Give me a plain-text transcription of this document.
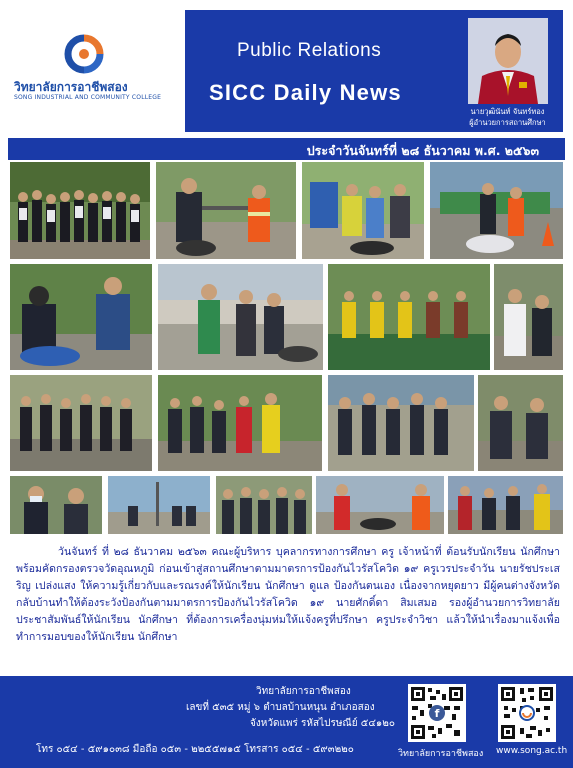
วิทยาลัยการอาชีพสอง
SONG INDUSTRIAL AND COMMUNITY COLLEGE
Public Relations
SICC Daily News
นายวุฒินันท์ จันทร์ทอง
ผู้อำนวยการสถานศึกษา
ประจำวันจันทร์ที่ ๒๘ ธันวาคม พ.ศ. ๒๕๖๓

วันจันทร์ ที่ ๒๘ ธันวาคม ๒๕๖๓ คณะผู้บริหาร บุคลากรทางการศึกษา ครู เจ้าหน้าที่ ต้อนรับนักเรียน นักศึกษา พร้อมคัดกรองตรวจวัดอุณหภูมิ ก่อนเข้าสู่สถานศึกษาตามมาตรการป้องกันไวรัสโควิด ๑๙ ครูเวรประจำวัน นายรัชประเสริญ เปล่งแสง ให้ความรู้เกี่ยวกับและรณรงค์ให้นักเรียน นักศึกษา ดูแล ป้องกันตนเอง เนื่องจากหยุดยาว มีผู้คนต่างจังหวัดกลับบ้านทำให้ต้องระวังป้องกันตามมาตรการป้องกันไวรัสโควิด ๑๙ นายศักดิ์ดา สิมเสมอ รองผู้อำนวยการวิทยาลัย ประชาสัมพันธ์ให้นักเรียน นักศึกษา ที่ต้องการเครื่องนุ่มห่มให้แจ้งครูที่ปรึกษา ครูประจำวิชา แล้วให้นำเรื่องมาแจ้งเพื่อทำการมอบของให้นักเรียน นักศึกษา

วิทยาลัยการอาชีพสอง
เลขที่ ๕๓๕ หมู่ ๖ ตำบลบ้านหนุน อำเภอสอง
จังหวัดแพร่ รหัสไปรษณีย์ ๕๔๑๒๐
โทร ๐๕๔ - ๕๙๑๐๓๘ มือถือ ๐๕๓ - ๒๒๕๕๗๑๕ โทรสาร ๐๕๔ - ๕๙๓๒๒๐
f
วิทยาลัยการอาชีพสอง www.song.ac.th
